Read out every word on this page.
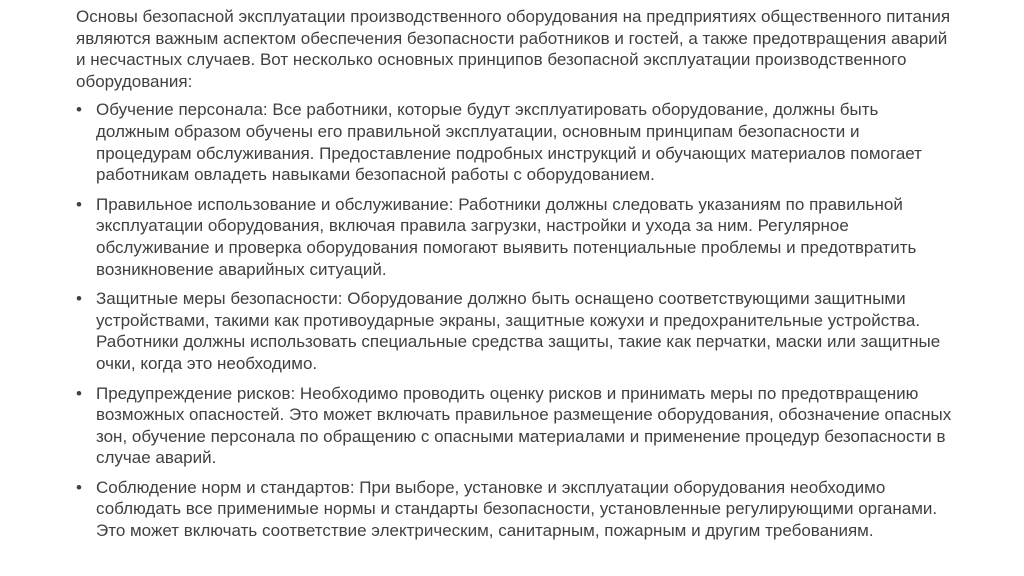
Основы безопасной эксплуатации производственного оборудования на предприятиях общественного питания являются важным аспектом обеспечения безопасности работников и гостей, а также предотвращения аварий и несчастных случаев. Вот несколько основных принципов безопасной эксплуатации производственного оборудования:

• Обучение персонала: Все работники, которые будут эксплуатировать оборудование, должны быть должным образом обучены его правильной эксплуатации, основным принципам безопасности и процедурам обслуживания. Предоставление подробных инструкций и обучающих материалов помогает работникам овладеть навыками безопасной работы с оборудованием.
• Правильное использование и обслуживание: Работники должны следовать указаниям по правильной эксплуатации оборудования, включая правила загрузки, настройки и ухода за ним. Регулярное обслуживание и проверка оборудования помогают выявить потенциальные проблемы и предотвратить возникновение аварийных ситуаций.
• Защитные меры безопасности: Оборудование должно быть оснащено соответствующими защитными устройствами, такими как противоударные экраны, защитные кожухи и предохранительные устройства. Работники должны использовать специальные средства защиты, такие как перчатки, маски или защитные очки, когда это необходимо.
• Предупреждение рисков: Необходимо проводить оценку рисков и принимать меры по предотвращению возможных опасностей. Это может включать правильное размещение оборудования, обозначение опасных зон, обучение персонала по обращению с опасными материалами и применение процедур безопасности в случае аварий.
• Соблюдение норм и стандартов: При выборе, установке и эксплуатации оборудования необходимо соблюдать все применимые нормы и стандарты безопасности, установленные регулирующими органами. Это может включать соответствие электрическим, санитарным, пожарным и другим требованиям.
